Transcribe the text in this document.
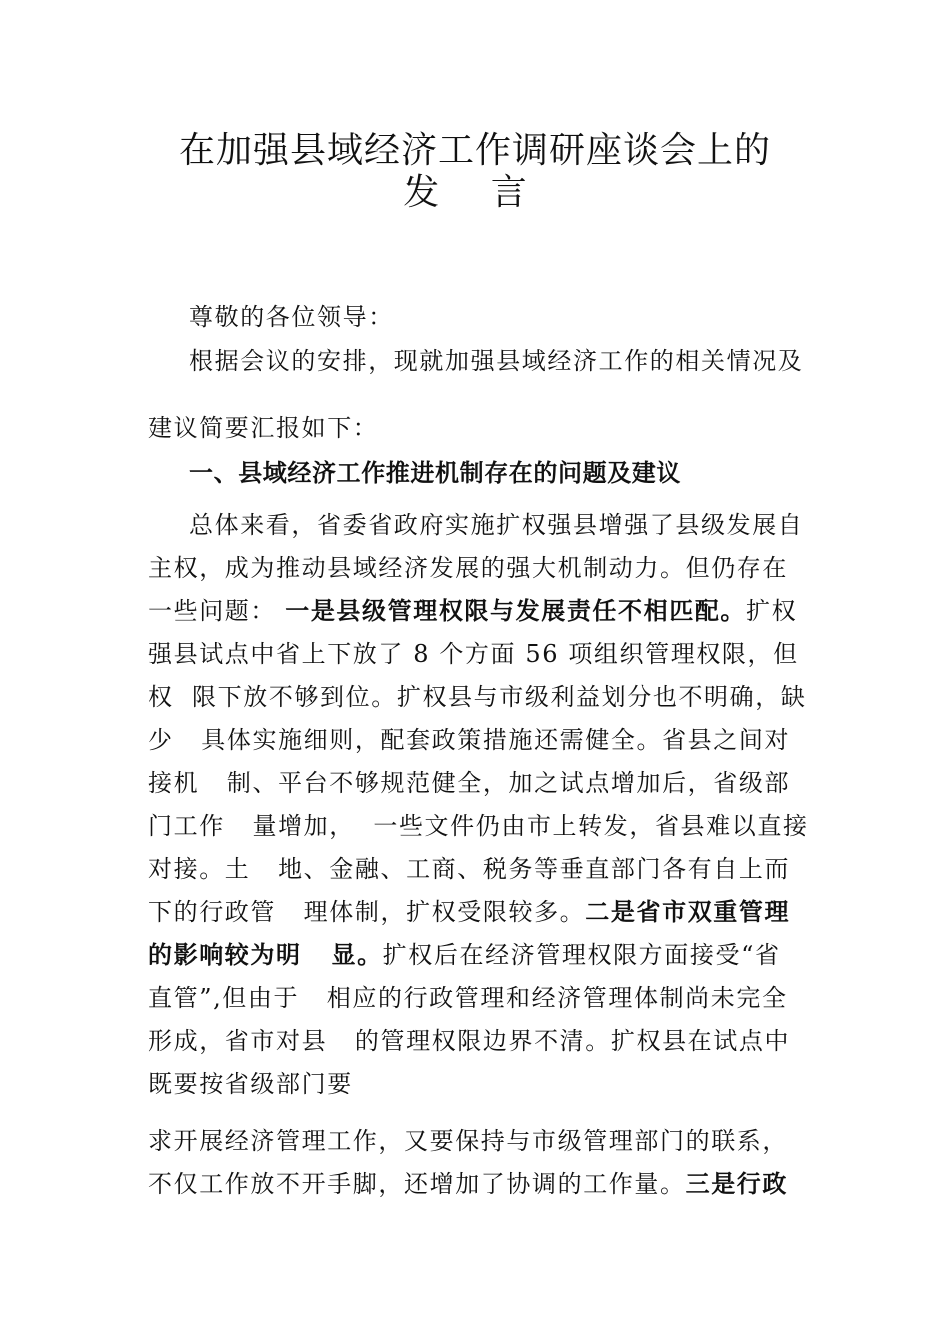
在加强县域经济工作调研座谈会上的
发 言
尊敬的各位领导：
根据会议的安排，现就加强县域经济工作的相关情况及
建议简要汇报如下：
一、县域经济工作推进机制存在的问题及建议
总体来看，省委省政府实施扩权强县增强了县级发展自
主权，成为推动县域经济发展的强大机制动力。但仍存在
一些问题： 一是县级管理权限与发展责任不相匹配。扩权
强县试点中省上下放了 8 个方面 56 项组织管理权限，但
权  限下放不够到位。扩权县与市级利益划分也不明确，缺
少   具体实施细则，配套政策措施还需健全。省县之间对
接机   制、平台不够规范健全，加之试点增加后，省级部
门工作   量增加，  一些文件仍由市上转发，省县难以直接
对接。土   地、金融、工商、税务等垂直部门各有自上而
下的行政管   理体制，扩权受限较多。二是省市双重管理
的影响较为明   显。扩权后在经济管理权限方面接受“省
直管”,但由于   相应的行政管理和经济管理体制尚未完全
形成，省市对县   的管理权限边界不清。扩权县在试点中
既要按省级部门要
求开展经济管理工作，又要保持与市级管理部门的联系，
不仅工作放不开手脚，还增加了协调的工作量。三是行政
